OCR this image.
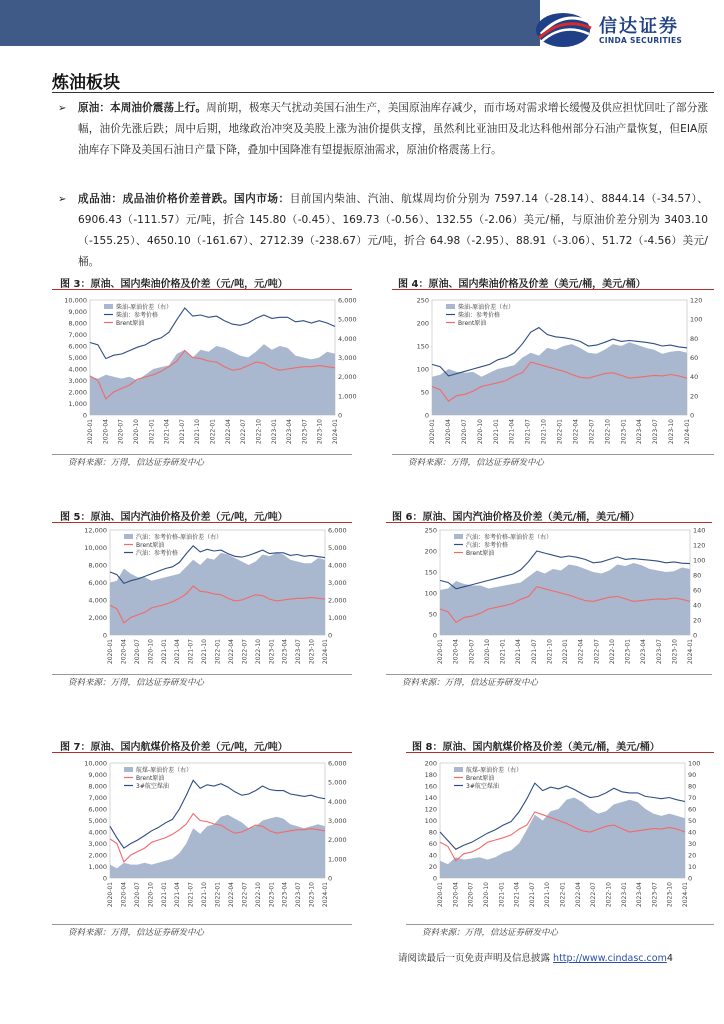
信达证券
CINDA SECURITIES
炼油板块
➢ 原油：本周油价震荡上行。周前期，极寒天气扰动美国石油生产，美国原油库存减少，而市场对需求增长缓慢及供应担忧回吐了部分涨幅，油价先涨后跌；周中后期，地缘政治冲突及美股上涨为油价提供支撑，虽然利比亚油田及北达科他州部分石油产量恢复，但EIA原油库存下降及美国石油日产量下降，叠加中国降准有望提振原油需求，原油价格震荡上行。
➢ 成品油：成品油价格价差普跌。国内市场：目前国内柴油、汽油、航煤周均价分别为 7597.14（-28.14）、8844.14（-34.57）、6906.43（-111.57）元/吨，折合 145.80（-0.45）、169.73（-0.56）、132.55（-2.06）美元/桶，与原油价差分别为 3403.10（-155.25）、4650.10（-161.67）、2712.39（-238.67）元/吨，折合 64.98（-2.95）、88.91（-3.06）、51.72（-4.56）美元/桶。
图 3：原油、国内柴油价格及价差（元/吨，元/吨）
资料来源：万得，信达证券研发中心
0
1,000
2,000
3,000
4,000
5,000
6,000
7,000
8,000
9,000
10,000
0
1,000
2,000
3,000
4,000
5,000
6,000
2020-01 2020-04 2020-07 2020-10 2021-01 2021-04 2021-07 2021-10 2022-01 2022-04 2022-07 2022-10 2023-01 2023-04 2023-07 2023-10 2024-01
柴油-原油价差（右）
柴油：参考价格
Brent原油
图 4：原油、国内柴油价格及价差（美元/桶，美元/桶）
资料来源：万得，信达证券研发中心
0
50
100
150
200
250
0
20
40
60
80
100
120
2020-01 2020-04 2020-07 2020-10 2021-01 2021-04 2021-07 2021-10 2022-01 2022-04 2022-07 2022-10 2023-01 2023-04 2023-07 2023-10 2024-01
柴油-原油价差（右）
柴油：参考价格
Brent原油
图 5：原油、国内汽油价格及价差（元/吨，元/吨）
资料来源：万得，信达证券研发中心
0
2,000
4,000
6,000
8,000
10,000
12,000
0
1,000
2,000
3,000
4,000
5,000
6,000
2020-01 2020-04 2020-07 2020-10 2021-01 2021-04 2021-07 2021-10 2022-01 2022-04 2022-07 2022-10 2023-01 2023-04 2023-07 2023-10 2024-01
汽油：参考价格-原油价差（右）
Brent原油
汽油：参考价格
图 6：原油、国内汽油价格及价差（美元/桶，美元/桶）
资料来源：万得，信达证券研发中心
0
50
100
150
200
250
0
20
40
60
80
100
120
140
2020-01 2020-04 2020-07 2020-10 2021-01 2021-04 2021-07 2021-10 2022-01 2022-04 2022-07 2022-10 2023-01 2023-04 2023-07 2023-10 2024-01
汽油：参考价格-原油价差（右）
汽油：参考价格
Brent原油
图 7：原油、国内航煤价格及价差（元/吨，元/吨）
资料来源：万得，信达证券研发中心
0
1,000
2,000
3,000
4,000
5,000
6,000
7,000
8,000
9,000
10,000
0
1,000
2,000
3,000
4,000
5,000
6,000
2020-01 2020-04 2020-07 2020-10 2021-01 2021-04 2021-07 2021-10 2022-01 2022-04 2022-07 2022-10 2023-01 2023-04 2023-07 2023-10 2024-01
航煤-原油价差（右）
Brent原油
3#航空煤油
图 8：原油、国内航煤价格及价差（美元/桶，美元/桶）
资料来源：万得，信达证券研发中心
0
20
40
60
80
100
120
140
160
180
200
0
10
20
30
40
50
60
70
80
90
100
2020-01 2020-04 2020-07 2020-10 2021-01 2021-04 2021-07 2021-10 2022-01 2022-04 2022-07 2022-10 2023-01 2023-04 2023-07 2023-10 2024-01
航煤-原油价差（右）
Brent原油
3#航空煤油
请阅读最后一页免责声明及信息披露 http://www.cindasc.com4
